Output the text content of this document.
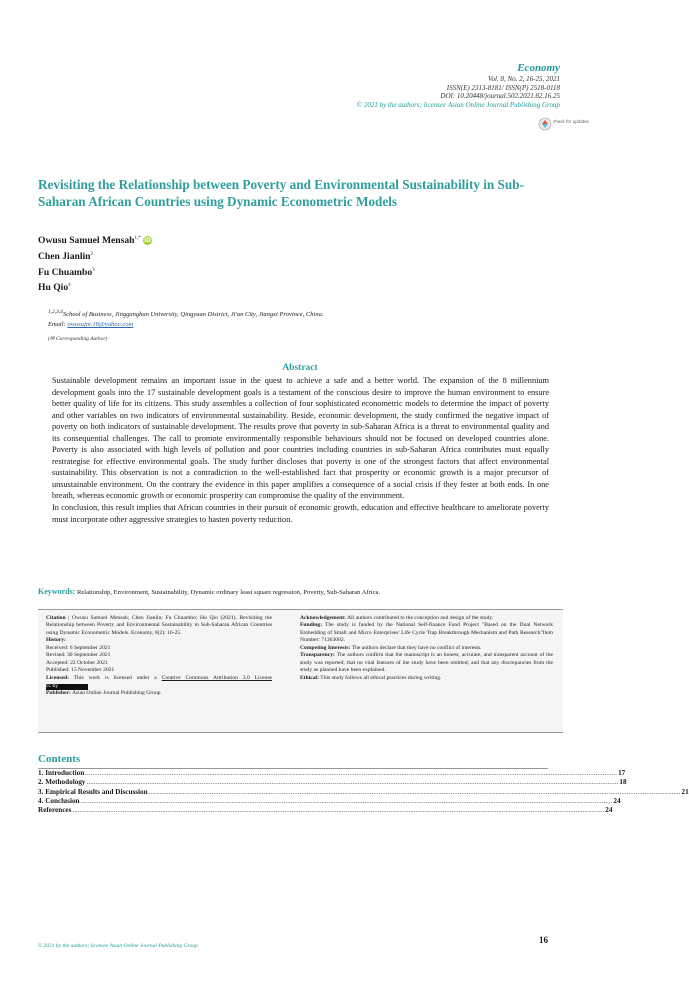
Economy
Vol. 8, No. 2, 16-25, 2021
ISSN(E) 2313-8181/ ISSN(P) 2518-0118
DOI: 10.20448/journal.502.2021.82.16.25
© 2021 by the authors; licensee Asian Online Journal Publishing Group
check for updates
Revisiting the Relationship between Poverty and Environmental Sustainability in Sub-Saharan African Countries using Dynamic Econometric Models
Owusu Samuel Mensah$^{1,*}$ iD
Chen Jianlin$^2$
Fu Chuambo$^3$
Hu Qio$^4$
$^{1,2,3,4}$School of Business, Jingganghan University, Qingyuan District, Ji'an City, Jiangxi Province, China.
Email: owusujnr.18@yahoo.com
(✉ Corresponding Author)
Abstract

Sustainable development remains an important issue in the quest to achieve a safe and a better world. The expansion of the 8 millennium development goals into the 17 sustainable development goals is a testament of the conscious desire to improve the human environment to ensure better quality of life for its citizens. This study assembles a collection of four sophisticated econometric models to determine the impact of poverty and other variables on two indicators of environmental sustainability. Beside, economic development, the study confirmed the negative impact of poverty on both indicators of sustainable development. The results prove that poverty in sub-Saharan Africa is a threat to environmental quality and its consequential challenges. The call to promote environmentally responsible behaviours should not be focused on developed countries alone. Poverty is also associated with high levels of pollution and poor countries including countries in sub-Saharan Africa contributes must equally restrategise for effective environmental goals. The study further discloses that poverty is one of the strongest factors that affect environmental sustainability. This observation is not a contradiction to the well-established fact that prosperity or economic growth is a major precursor of unsustainable environment. On the contrary the evidence in this paper amplifies a consequence of a social crisis if they fester at both ends. In one breath, whereas economic growth or economic prosperity can compromise the quality of the environment.

In conclusion, this result implies that African countries in their pursuit of economic growth, education and effective healthcare to ameliorate poverty must incorporate other aggressive strategies to hasten poverty reduction.

Keywords: Relationship, Environment, Sustainability, Dynamic ordinary least square regression, Poverty, Sub-Saharan Africa.
Citation | Owusu Samuel Mensah; Chen Jianlin; Fu Chuambo; Hu Qio (2021). Revisiting the Relationship between Poverty and Environmental Sustainability in Sub-Saharan African Countries using Dynamic Econometric Models. Economy, 8(2): 16-25.
History:
Received: 6 September 2021
Revised: 30 September 2021
Accepted: 22 October 2021
Published: 15 November 2021
Licensed: This work is licensed under a Creative Commons Attribution 3.0 License cc by
Publisher: Asian Online Journal Publishing Group
Acknowledgement: All authors contributed to the conception and design of the study.
Funding: The study is funded by the National Self-finance Fund Project "Based on the Dual Network Embedding of Small and Micro Enterprises' Life Cycle Trap Breakthrough Mechanism and Path Research"Item Number: 71363002.
Competing Interests: The authors declare that they have no conflict of interests.
Transparency: The authors confirm that the manuscript is an honest, accurate, and transparent account of the study was reported; that no vital features of the study have been omitted; and that any discrepancies from the study as planned have been explained.
Ethical: This study follows all ethical practices during writing.
Contents
1. Introduction .....	17
2. Methodology .....	18
3. Empirical Results and Discussion .....	21
4. Conclusion .....	24
References .....	24
16
© 2021 by the authors; licensee Asian Online Journal Publishing Group
